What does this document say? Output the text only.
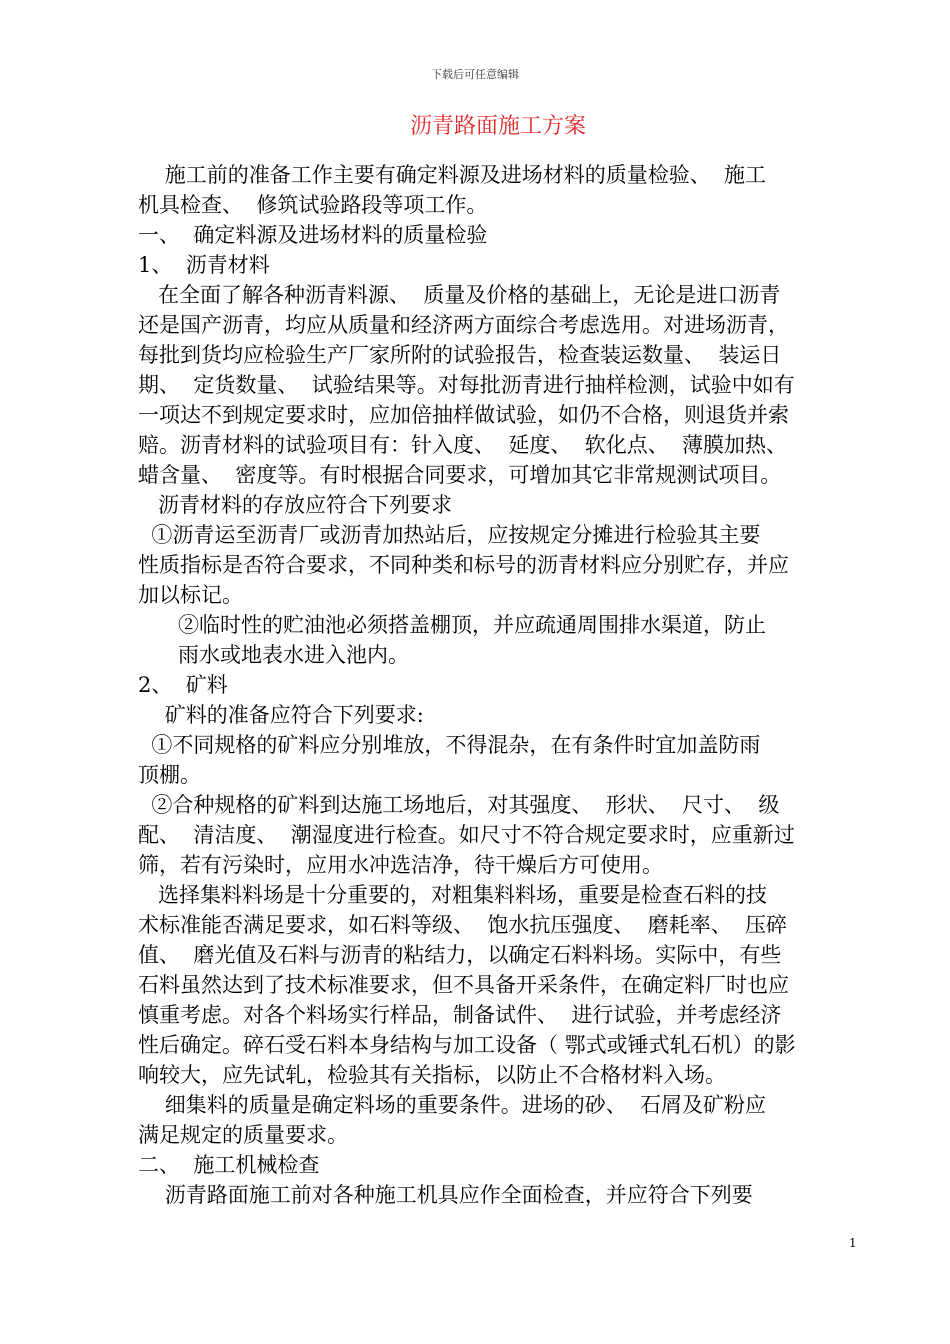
下载后可任意编辑
沥青路面施工方案
施工前的准备工作主要有确定料源及进场材料的质量检验、  施工
机具检查、  修筑试验路段等项工作。
一、  确定料源及进场材料的质量检验
1、  沥青材料
在全面了解各种沥青料源、  质量及价格的基础上，无论是进口沥青
还是国产沥青，均应从质量和经济两方面综合考虑选用。对进场沥青，
每批到货均应检验生产厂家所附的试验报告，检查装运数量、  装运日
期、  定货数量、  试验结果等。对每批沥青进行抽样检测，试验中如有
一项达不到规定要求时，应加倍抽样做试验，如仍不合格，则退货并索
赔。沥青材料的试验项目有：针入度、  延度、  软化点、  薄膜加热、
蜡含量、  密度等。有时根据合同要求，可增加其它非常规测试项目。
沥青材料的存放应符合下列要求
①沥青运至沥青厂或沥青加热站后，应按规定分摊进行检验其主要
性质指标是否符合要求，不同种类和标号的沥青材料应分别贮存，并应
加以标记。
②临时性的贮油池必须搭盖棚顶，并应疏通周围排水渠道，防止
雨水或地表水进入池内。
2、  矿料
矿料的准备应符合下列要求:
①不同规格的矿料应分别堆放，不得混杂，在有条件时宜加盖防雨
顶棚。
②合种规格的矿料到达施工场地后，对其强度、  形状、  尺寸、  级
配、  清洁度、  潮湿度进行检查。如尺寸不符合规定要求时，应重新过
筛，若有污染时，应用水冲选洁净，待干燥后方可使用。
选择集料料场是十分重要的，对粗集料料场，重要是检查石料的技
术标准能否满足要求，如石料等级、  饱水抗压强度、  磨耗率、  压碎
值、  磨光值及石料与沥青的粘结力，以确定石料料场。实际中，有些
石料虽然达到了技术标准要求，但不具备开采条件，在确定料厂时也应
慎重考虑。对各个料场实行样品，制备试件、  进行试验，并考虑经济
性后确定。碎石受石料本身结构与加工设备（ 鄂式或锤式轧石机）的影
响较大，应先试轧，检验其有关指标，以防止不合格材料入场。
细集料的质量是确定料场的重要条件。进场的砂、  石屑及矿粉应
满足规定的质量要求。
二、  施工机械检查
沥青路面施工前对各种施工机具应作全面检查，并应符合下列要
1
